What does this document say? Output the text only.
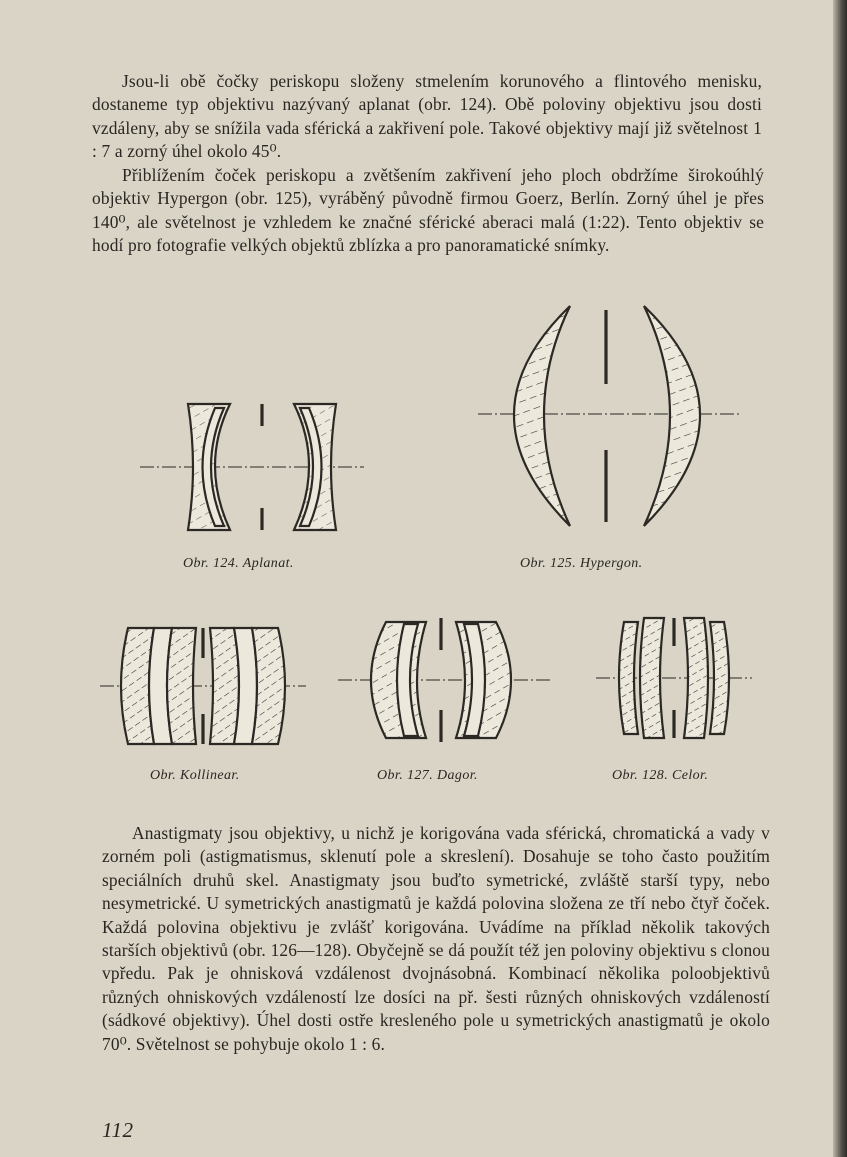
Jsou-li obě čočky periskopu složeny stmelením korunového a flintového menisku, dostaneme typ objektivu nazývaný aplanat (obr. 124). Obě poloviny objektivu jsou dosti vzdáleny, aby se snížila vada sférická a zakřivení pole. Takové objektivy mají již světelnost 1 : 7 a zorný úhel okolo 45⁰.

Přiblížením čoček periskopu a zvětšením zakřivení jeho ploch obdržíme širokoúhlý objektiv Hypergon (obr. 125), vyráběný původně firmou Goerz, Berlín. Zorný úhel je přes 140⁰, ale světelnost je vzhledem ke značné sférické aberaci malá (1:22). Tento objektiv se hodí pro fotografie velkých objektů zblízka a pro panoramatické snímky.

Obr. 124. Aplanat.	Obr. 125. Hypergon.

Obr. Kollinear.	Obr. 127. Dagor.	Obr. 128. Celor.

Anastigmaty jsou objektivy, u nichž je korigována vada sférická, chromatická a vady v zorném poli (astigmatismus, sklenutí pole a skreslení). Dosahuje se toho často použitím speciálních druhů skel. Anastigmaty jsou buďto symetrické, zvláště starší typy, nebo nesymetrické. U symetrických anastigmatů je každá polovina složena ze tří nebo čtyř čoček. Každá polovina objektivu je zvlášť korigována. Uvádíme na příklad několik takových starších objektivů (obr. 126—128). Obyčejně se dá použít též jen poloviny objektivu s clonou vpředu. Pak je ohnisková vzdálenost dvojnásobná. Kombinací několika poloobjektivů různých ohniskových vzdáleností lze dosíci na př. šesti různých ohniskových vzdáleností (sádkové objektivy). Úhel dosti ostře kresleného pole u symetrických anastigmatů je okolo 70⁰. Světelnost se pohybuje okolo 1 : 6.

112
